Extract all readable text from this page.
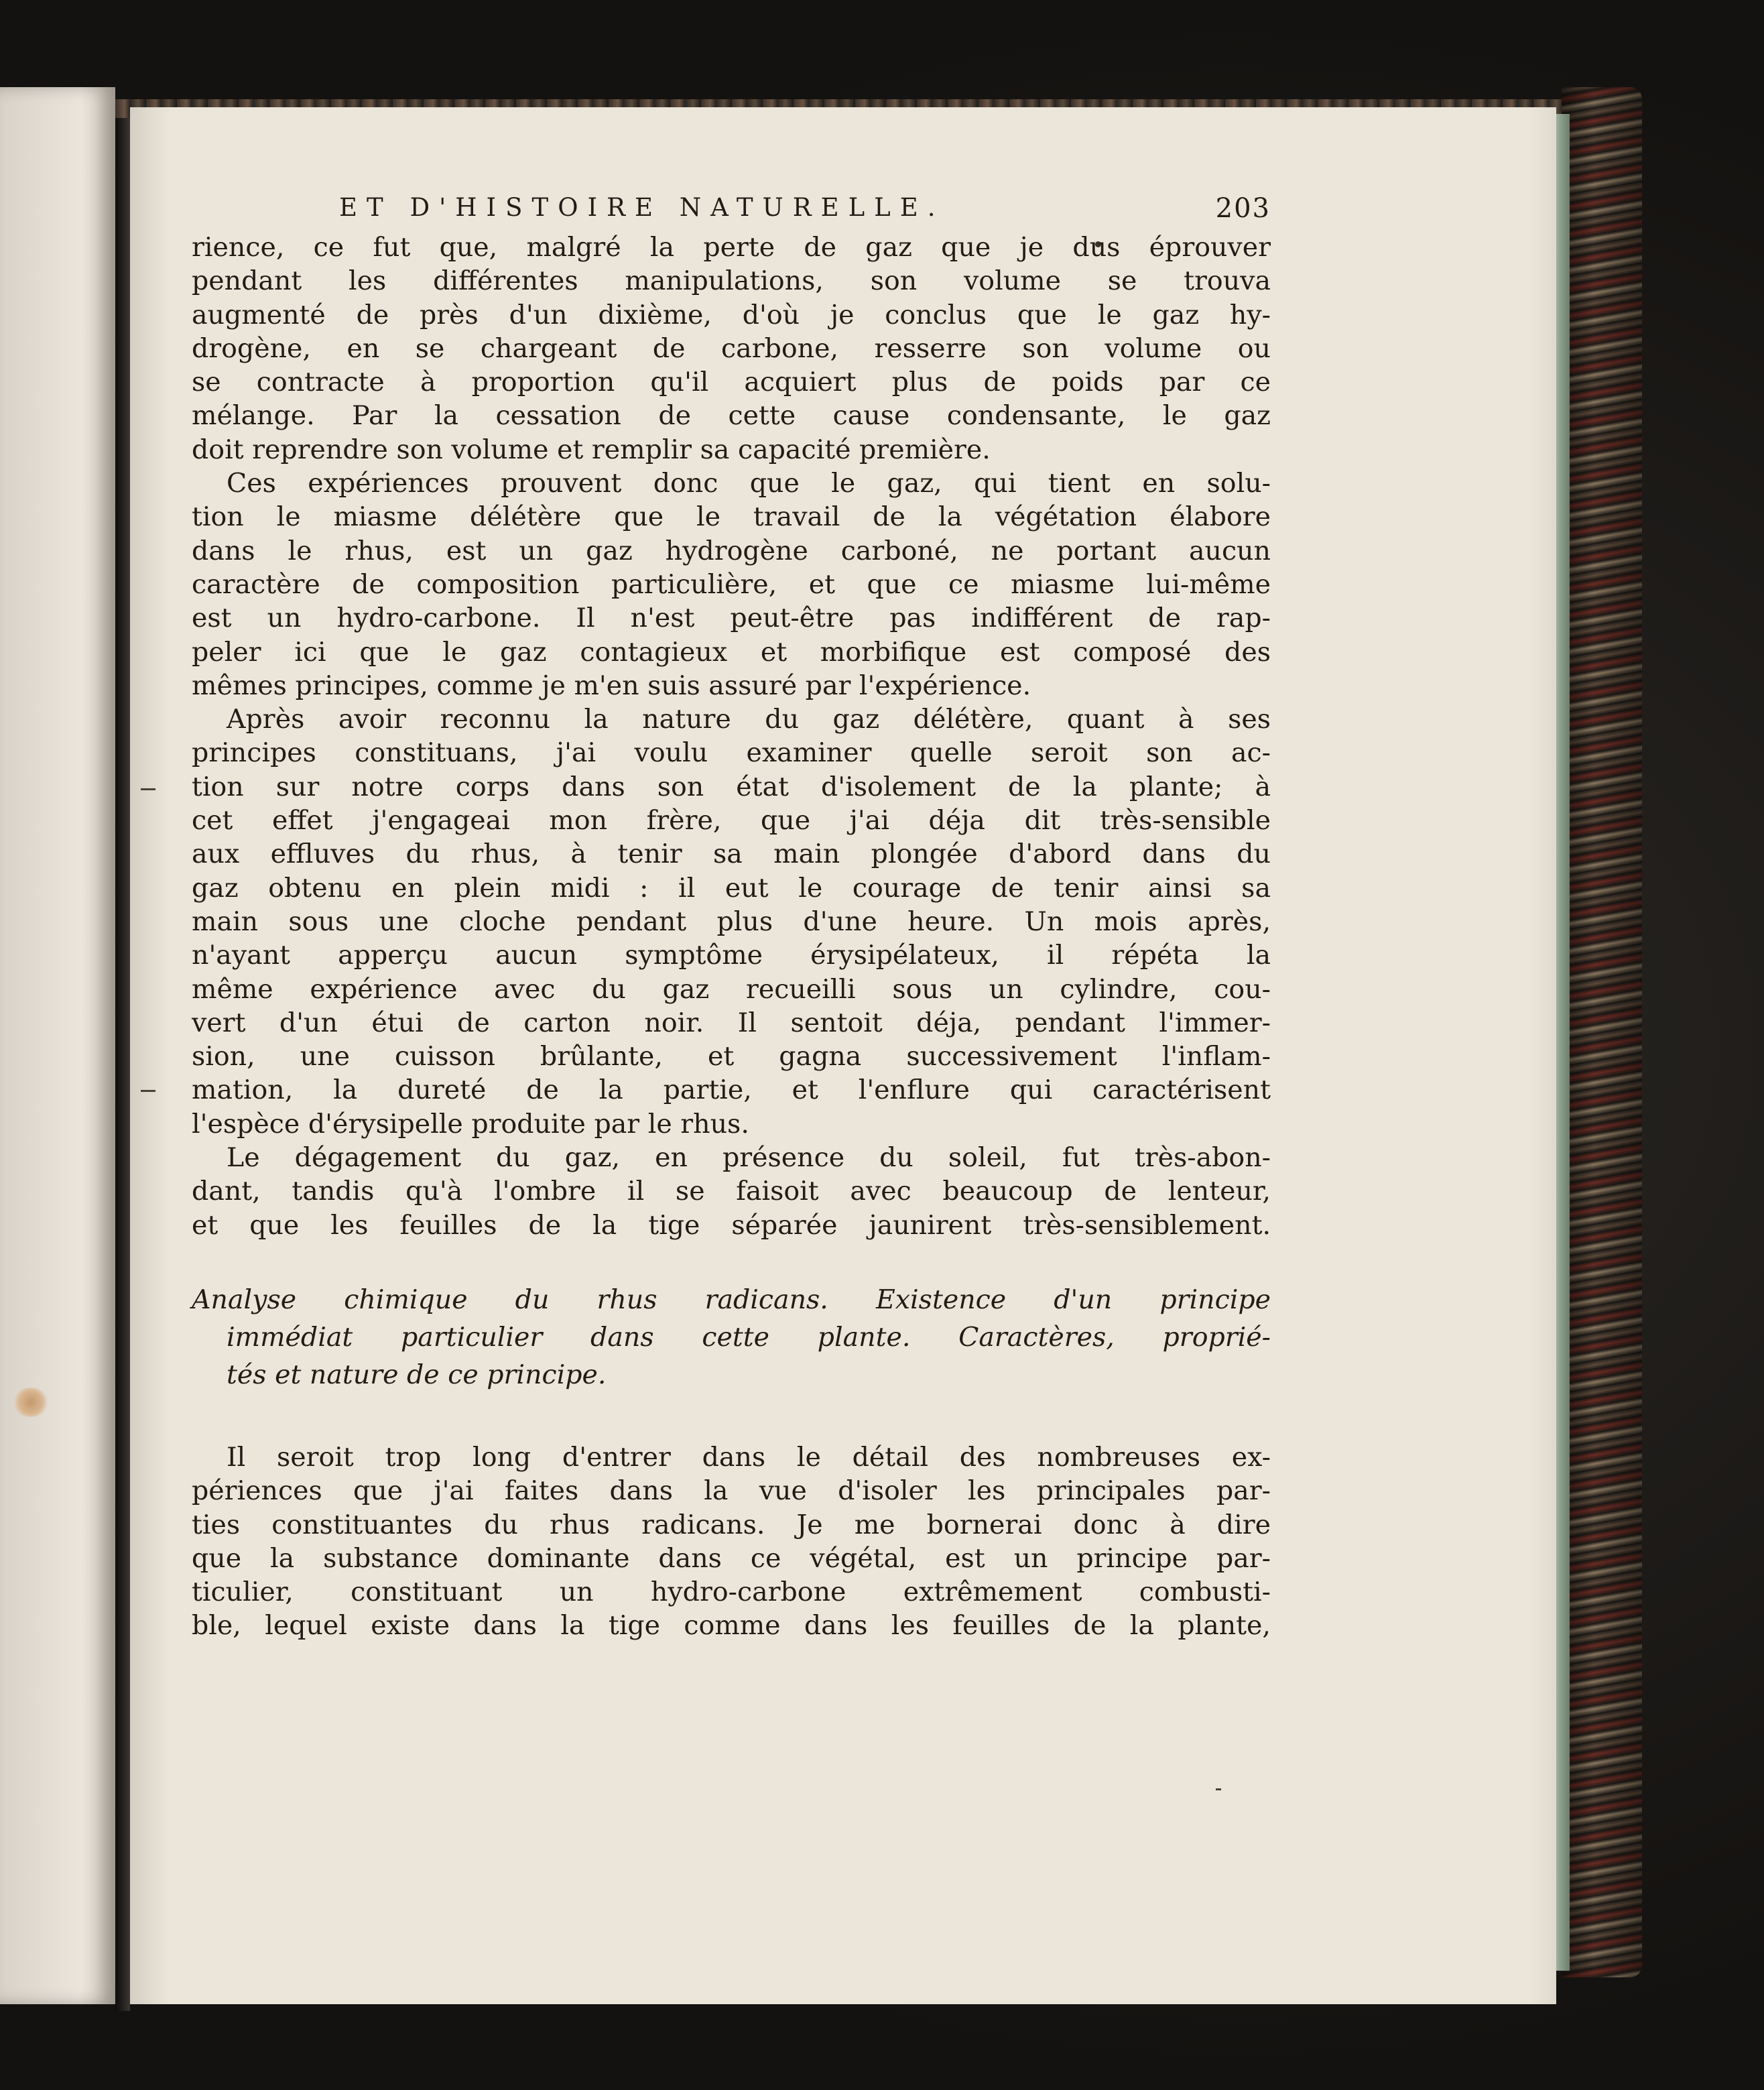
ET D'HISTOIRE NATURELLE.	203

rience, ce fut que, malgré la perte de gaz que je dus éprouver
pendant les différentes manipulations, son volume se trouva
augmenté de près d'un dixième, d'où je conclus que le gaz hy-
drogène, en se chargeant de carbone, resserre son volume ou
se contracte à proportion qu'il acquiert plus de poids par ce
mélange. Par la cessation de cette cause condensante, le gaz
doit reprendre son volume et remplir sa capacité première.

Ces expériences prouvent donc que le gaz, qui tient en solu-
tion le miasme délétère que le travail de la végétation élabore
dans le rhus, est un gaz hydrogène carboné, ne portant aucun
caractère de composition particulière, et que ce miasme lui-même
est un hydro-carbone. Il n'est peut-être pas indifférent de rap-
peler ici que le gaz contagieux et morbifique est composé des
mêmes principes, comme je m'en suis assuré par l'expérience.

Après avoir reconnu la nature du gaz délétère, quant à ses
principes constituans, j'ai voulu examiner quelle seroit son ac-
tion sur notre corps dans son état d'isolement de la plante; à
cet effet j'engageai mon frère, que j'ai déja dit très-sensible
aux effluves du rhus, à tenir sa main plongée d'abord dans du
gaz obtenu en plein midi : il eut le courage de tenir ainsi sa
main sous une cloche pendant plus d'une heure. Un mois après,
n'ayant apperçu aucun symptôme érysipélateux, il répéta la
même expérience avec du gaz recueilli sous un cylindre, cou-
vert d'un étui de carton noir. Il sentoit déja, pendant l'immer-
sion, une cuisson brûlante, et gagna successivement l'inflam-
mation, la dureté de la partie, et l'enflure qui caractérisent
l'espèce d'érysipelle produite par le rhus.

Le dégagement du gaz, en présence du soleil, fut très-abon-
dant, tandis qu'à l'ombre il se faisoit avec beaucoup de lenteur,
et que les feuilles de la tige séparée jaunirent très-sensiblement.

Analyse chimique du rhus radicans. Existence d'un principe
immédiat particulier dans cette plante. Caractères, proprié-
tés et nature de ce principe.

Il seroit trop long d'entrer dans le détail des nombreuses ex-
périences que j'ai faites dans la vue d'isoler les principales par-
ties constituantes du rhus radicans. Je me bornerai donc à dire
que la substance dominante dans ce végétal, est un principe par-
ticulier, constituant un hydro-carbone extrêmement combusti-
ble, lequel existe dans la tige comme dans les feuilles de la plante,
